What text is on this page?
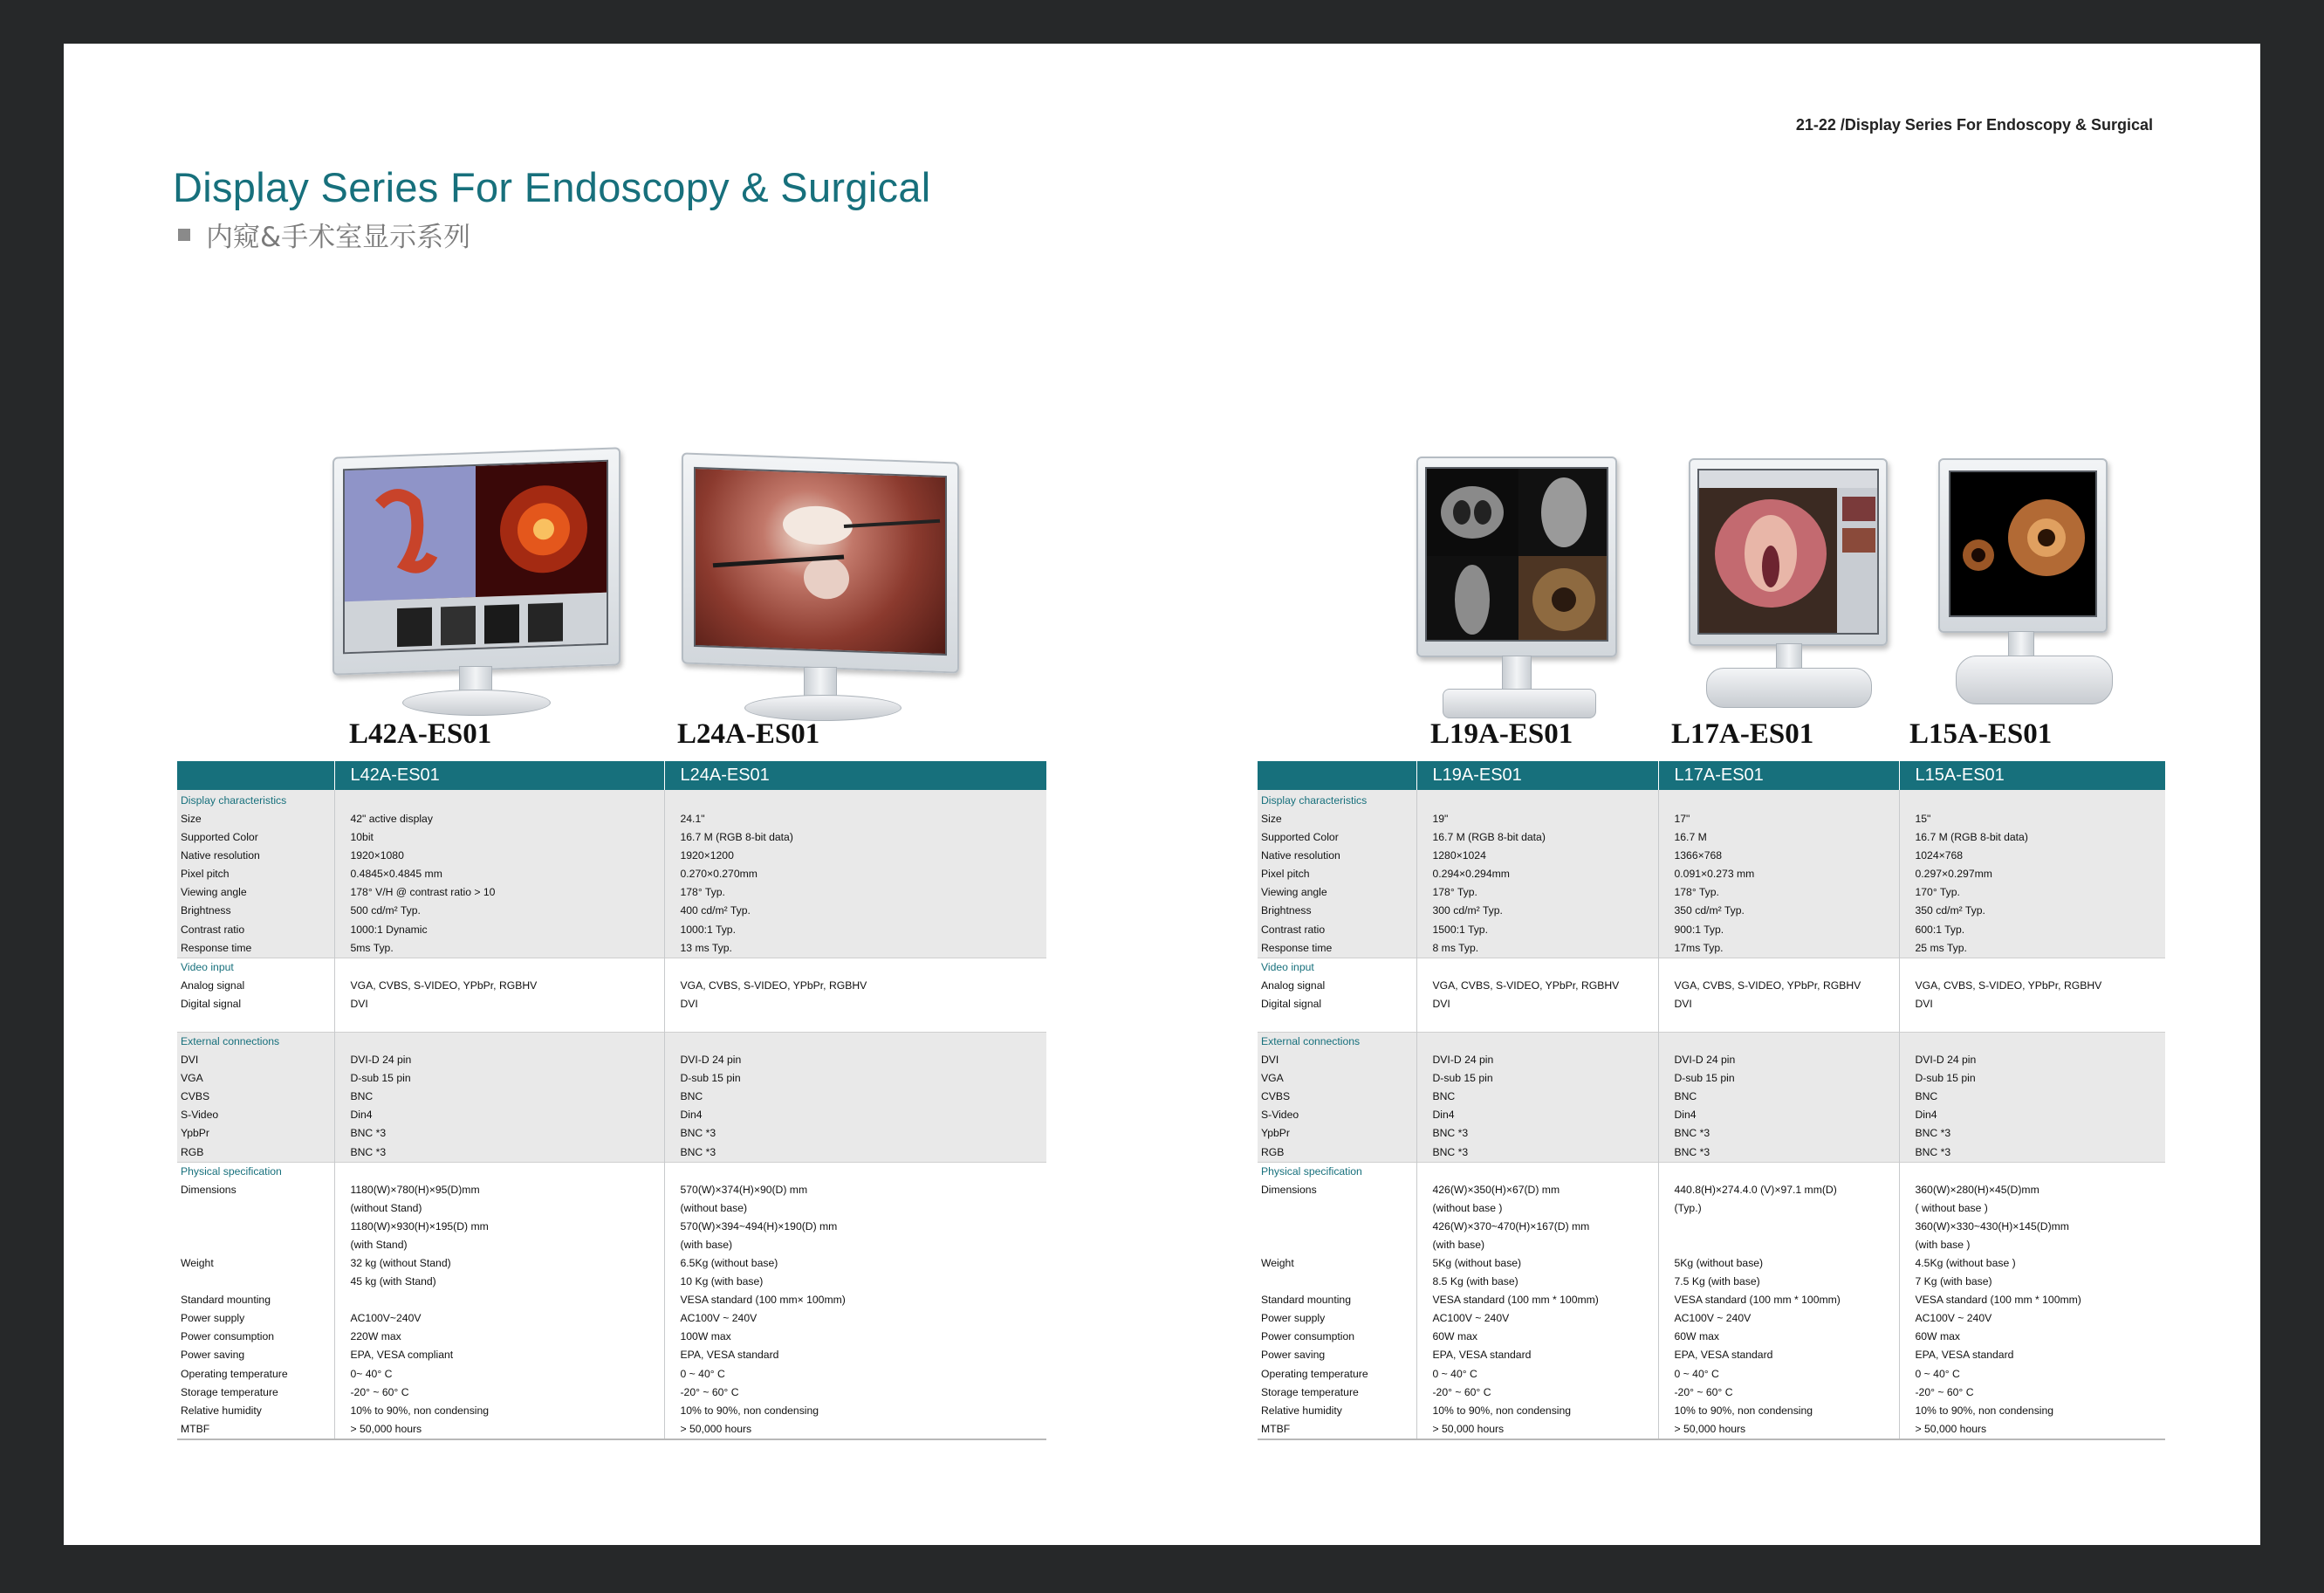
21-22 /Display Series For Endoscopy & Surgical
Display Series For Endoscopy & Surgical
内窥&手术室显示系列
L42A-ES01	L24A-ES01	L19A-ES01	L17A-ES01	L15A-ES01
	L42A-ES01	L24A-ES01
Display characteristics		
Size	42" active display	24.1"
Supported Color	10bit	16.7 M (RGB 8-bit data)
Native resolution	1920×1080	1920×1200
Pixel pitch	0.4845×0.4845 mm	0.270×0.270mm
Viewing angle	178° V/H @ contrast ratio > 10	178° Typ.
Brightness	500 cd/m² Typ.	400 cd/m² Typ.
Contrast ratio	1000:1 Dynamic	1000:1 Typ.
Response time	5ms Typ.	13 ms Typ.
Video input		
Analog signal	VGA, CVBS, S-VIDEO, YPbPr, RGBHV	VGA, CVBS, S-VIDEO, YPbPr, RGBHV
Digital signal	DVI	DVI

External connections		
DVI	DVI-D 24 pin	DVI-D 24 pin
VGA	D-sub 15 pin	D-sub 15 pin
CVBS	BNC	BNC
S-Video	Din4	Din4
YpbPr	BNC *3	BNC *3
RGB	BNC *3	BNC *3
Physical specification		
Dimensions	1180(W)×780(H)×95(D)mm	570(W)×374(H)×90(D) mm
	(without Stand)	(without base)
	1180(W)×930(H)×195(D) mm	570(W)×394~494(H)×190(D) mm
	(with Stand)	(with base)
Weight	32 kg (without Stand)	6.5Kg (without base)
	45 kg (with Stand)	10 Kg (with base)
Standard mounting		VESA standard (100 mm× 100mm)
Power supply	AC100V~240V	AC100V ~ 240V
Power consumption	220W max	100W max
Power saving	EPA, VESA compliant	EPA, VESA standard
Operating temperature	0~ 40° C	0 ~ 40° C
Storage temperature	-20° ~ 60° C	-20° ~ 60° C
Relative humidity	10% to 90%, non condensing	10% to 90%, non condensing
MTBF	> 50,000 hours	> 50,000 hours
	L19A-ES01	L17A-ES01	L15A-ES01
Display characteristics			
Size	19"	17"	15"
Supported Color	16.7 M (RGB 8-bit data)	16.7 M	16.7 M (RGB 8-bit data)
Native resolution	1280×1024	1366×768	1024×768
Pixel pitch	0.294×0.294mm	0.091×0.273 mm	0.297×0.297mm
Viewing angle	178° Typ.	178° Typ.	170° Typ.
Brightness	300 cd/m² Typ.	350 cd/m² Typ.	350 cd/m² Typ.
Contrast ratio	1500:1 Typ.	900:1 Typ.	600:1 Typ.
Response time	8 ms Typ.	17ms Typ.	25 ms Typ.
Video input			
Analog signal	VGA, CVBS, S-VIDEO, YPbPr, RGBHV	VGA, CVBS, S-VIDEO, YPbPr, RGBHV	VGA, CVBS, S-VIDEO, YPbPr, RGBHV
Digital signal	DVI	DVI	DVI

External connections			
DVI	DVI-D 24 pin	DVI-D 24 pin	DVI-D 24 pin
VGA	D-sub 15 pin	D-sub 15 pin	D-sub 15 pin
CVBS	BNC	BNC	BNC
S-Video	Din4	Din4	Din4
YpbPr	BNC *3	BNC *3	BNC *3
RGB	BNC *3	BNC *3	BNC *3
Physical specification			
Dimensions	426(W)×350(H)×67(D) mm	440.8(H)×274.4.0 (V)×97.1 mm(D)	360(W)×280(H)×45(D)mm
	(without base )	(Typ.)	( without base )
	426(W)×370~470(H)×167(D) mm		360(W)×330~430(H)×145(D)mm
	(with base)		(with base )
Weight	5Kg (without base)	5Kg (without base)	4.5Kg (without base )
	8.5 Kg (with base)	7.5 Kg (with base)	7 Kg (with base)
Standard mounting	VESA standard (100 mm * 100mm)	VESA standard (100 mm * 100mm)	VESA standard (100 mm * 100mm)
Power supply	AC100V ~ 240V	AC100V ~ 240V	AC100V ~ 240V
Power consumption	60W max	60W max	60W max
Power saving	EPA, VESA standard	EPA, VESA standard	EPA, VESA standard
Operating temperature	0 ~ 40° C	0 ~ 40° C	0 ~ 40° C
Storage temperature	-20° ~ 60° C	-20° ~ 60° C	-20° ~ 60° C
Relative humidity	10% to 90%, non condensing	10% to 90%, non condensing	10% to 90%, non condensing
MTBF	> 50,000 hours	> 50,000 hours	> 50,000 hours
